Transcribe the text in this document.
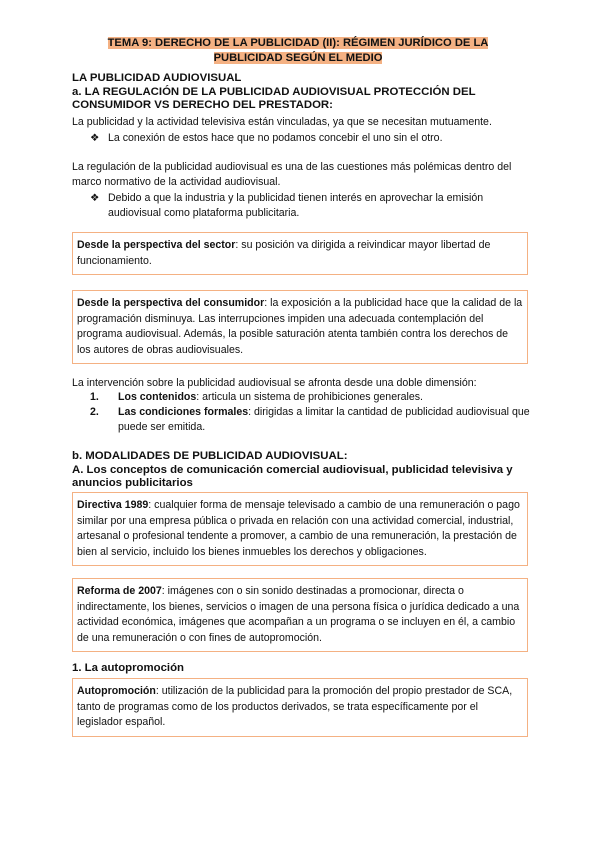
TEMA 9: DERECHO DE LA PUBLICIDAD (II): RÉGIMEN JURÍDICO DE LA PUBLICIDAD SEGÚN EL MEDIO
LA PUBLICIDAD AUDIOVISUAL
a. LA REGULACIÓN DE LA PUBLICIDAD AUDIOVISUAL PROTECCIÓN DEL CONSUMIDOR VS DERECHO DEL PRESTADOR:
La publicidad y la actividad televisiva están vinculadas, ya que se necesitan mutuamente.
❖ La conexión de estos hace que no podamos concebir el uno sin el otro.
La regulación de la publicidad audiovisual es una de las cuestiones más polémicas dentro del marco normativo de la actividad audiovisual.
❖ Debido a que la industria y la publicidad tienen interés en aprovechar la emisión audiovisual como plataforma publicitaria.
Desde la perspectiva del sector: su posición va dirigida a reivindicar mayor libertad de funcionamiento.
Desde la perspectiva del consumidor: la exposición a la publicidad hace que la calidad de la programación disminuya. Las interrupciones impiden una adecuada contemplación del programa audiovisual. Además, la posible saturación atenta también contra los derechos de los autores de obras audiovisuales.
La intervención sobre la publicidad audiovisual se afronta desde una doble dimensión:
1. Los contenidos: articula un sistema de prohibiciones generales.
2. Las condiciones formales: dirigidas a limitar la cantidad de publicidad audiovisual que puede ser emitida.
b. MODALIDADES DE PUBLICIDAD AUDIOVISUAL:
A. Los conceptos de comunicación comercial audiovisual, publicidad televisiva y anuncios publicitarios
Directiva 1989: cualquier forma de mensaje televisado a cambio de una remuneración o pago similar por una empresa pública o privada en relación con una actividad comercial, industrial, artesanal o profesional tendente a promover, a cambio de una remuneración, la prestación de bien al servicio, incluido los bienes inmuebles los derechos y obligaciones.
Reforma de 2007: imágenes con o sin sonido destinadas a promocionar, directa o indirectamente, los bienes, servicios o imagen de una persona física o jurídica dedicado a una actividad económica, imágenes que acompañan a un programa o se incluyen en él, a cambio de una remuneración o con fines de autopromoción.
1. La autopromoción
Autopromoción: utilización de la publicidad para la promoción del propio prestador de SCA, tanto de programas como de los productos derivados, se trata específicamente por el legislador español.
